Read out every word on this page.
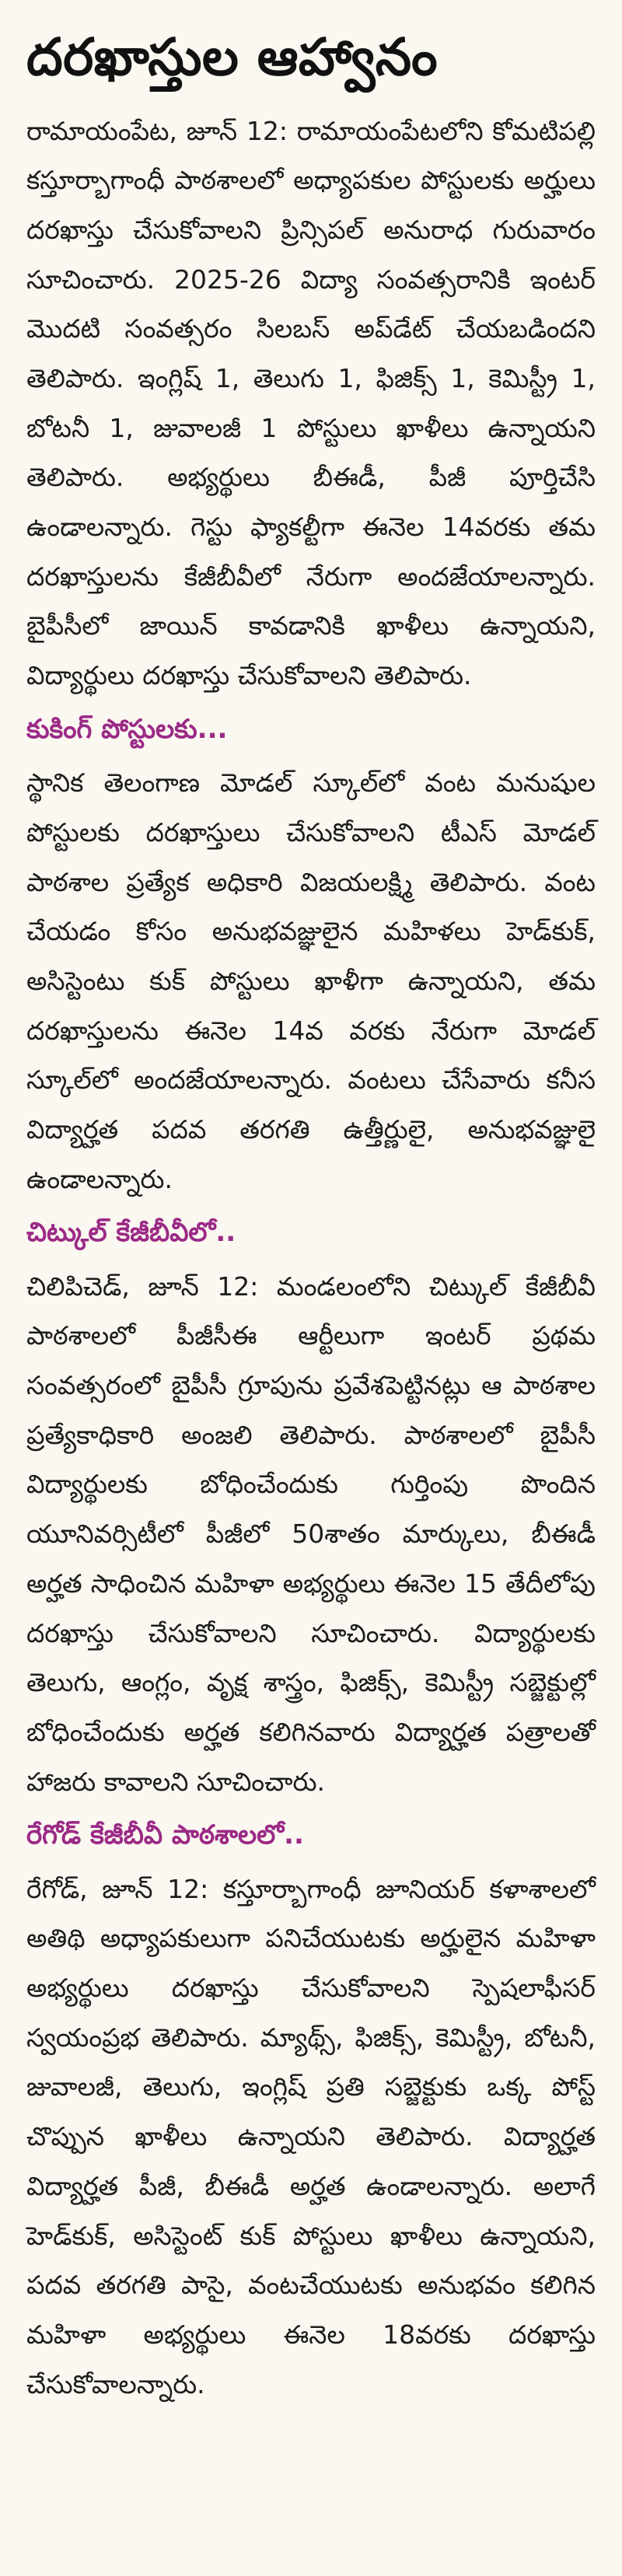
దరఖాస్తుల ఆహ్వానం

రామాయంపేట, జూన్ 12: రామాయంపేటలోని కోమటిపల్లి కస్తూర్బాగాంధీ పాఠశాలలో అధ్యాపకుల పోస్టులకు అర్హులు దరఖాస్తు చేసుకోవాలని ప్రిన్సిపల్ అనురాధ గురువారం సూచించారు. 2025-26 విద్యా సంవత్సరానికి ఇంటర్ మొదటి సంవత్సరం సిలబస్ అప్‌డేట్ చేయబడిందని తెలిపారు. ఇంగ్లిష్ 1, తెలుగు 1, ఫిజిక్స్ 1, కెమిస్ట్రీ 1, బోటనీ 1, జువాలజీ 1 పోస్టులు ఖాళీలు ఉన్నాయని తెలిపారు. అభ్యర్థులు బీఈడీ, పీజీ పూర్తిచేసి ఉండాలన్నారు. గెస్టు ఫ్యాకల్టీగా ఈనెల 14వరకు తమ దరఖాస్తులను కేజీబీవీలో నేరుగా అందజేయాలన్నారు. బైపీసీలో జాయిన్ కావడానికి ఖాళీలు ఉన్నాయని, విద్యార్థులు దరఖాస్తు చేసుకోవాలని తెలిపారు.

కుకింగ్ పోస్టులకు...

స్థానిక తెలంగాణ మోడల్ స్కూల్‌లో వంట మనుషుల పోస్టులకు దరఖాస్తులు చేసుకోవాలని టీఎస్ మోడల్ పాఠశాల ప్రత్యేక అధికారి విజయలక్ష్మి తెలిపారు. వంట చేయడం కోసం అనుభవజ్ఞులైన మహిళలు హెడ్‌కుక్, అసిస్టెంటు కుక్ పోస్టులు ఖాళీగా ఉన్నాయని, తమ దరఖాస్తులను ఈనెల 14వ వరకు నేరుగా మోడల్ స్కూల్‌లో అందజేయాలన్నారు. వంటలు చేసేవారు కనీస విద్యార్హత పదవ తరగతి ఉత్తీర్ణులై, అనుభవజ్ఞులై ఉండాలన్నారు.

చిట్కుల్ కేజీబీవీలో..

చిలిపిచెడ్, జూన్ 12: మండలంలోని చిట్కుల్ కేజీబీవీ పాఠశాలలో పీజీసీఈ ఆర్టీలుగా ఇంటర్ ప్రథమ సంవత్సరంలో బైపీసీ గ్రూపును ప్రవేశపెట్టినట్లు ఆ పాఠశాల ప్రత్యేకాధికారి అంజలి తెలిపారు. పాఠశాలలో బైపీసీ విద్యార్థులకు బోధించేందుకు గుర్తింపు పొందిన యూనివర్సిటీలో పీజీలో 50శాతం మార్కులు, బీఈడీ అర్హత సాధించిన మహిళా అభ్యర్థులు ఈనెల 15 తేదీలోపు దరఖాస్తు చేసుకోవాలని సూచించారు. విద్యార్థులకు తెలుగు, ఆంగ్లం, వృక్ష శాస్త్రం, ఫిజిక్స్, కెమిస్ట్రీ సబ్జెక్టుల్లో బోధించేందుకు అర్హత కలిగినవారు విద్యార్హత పత్రాలతో హాజరు కావాలని సూచించారు.

రేగోడ్ కేజీబీవీ పాఠశాలలో..

రేగోడ్, జూన్ 12: కస్తూర్బాగాంధీ జూనియర్ కళాశాలలో అతిథి అధ్యాపకులుగా పనిచేయుటకు అర్హులైన మహిళా అభ్యర్థులు దరఖాస్తు చేసుకోవాలని స్పెషలాఫీసర్ స్వయంప్రభ తెలిపారు. మ్యాథ్స్, ఫిజిక్స్, కెమిస్ట్రీ, బోటనీ, జువాలజీ, తెలుగు, ఇంగ్లిష్ ప్రతి సబ్జెక్టుకు ఒక్క పోస్ట్ చొప్పున ఖాళీలు ఉన్నాయని తెలిపారు. విద్యార్హత విద్యార్హత పీజీ, బీఈడీ అర్హత ఉండాలన్నారు. అలాగే హెడ్‌కుక్, అసిస్టెంట్ కుక్ పోస్టులు ఖాళీలు ఉన్నాయని, పదవ తరగతి పాసై, వంటచేయుటకు అనుభవం కలిగిన మహిళా అభ్యర్థులు ఈనెల 18వరకు దరఖాస్తు చేసుకోవాలన్నారు.
